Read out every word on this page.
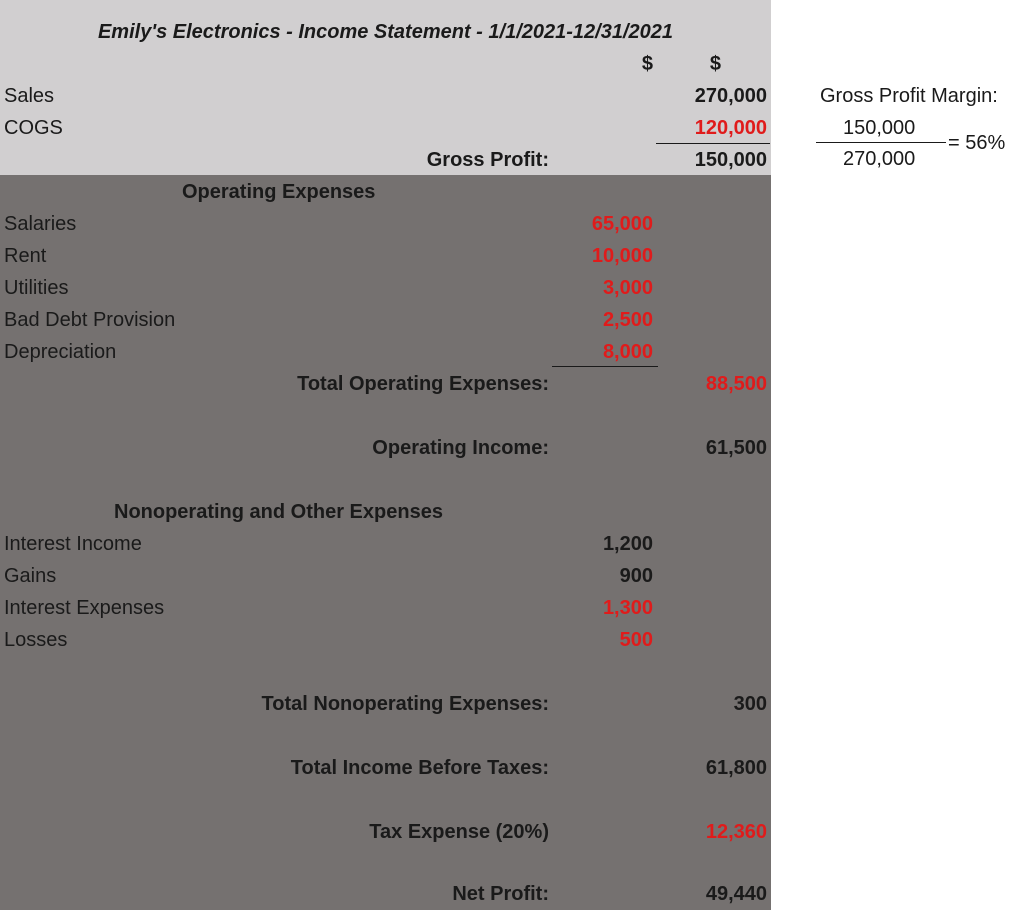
Emily's Electronics - Income Statement - 1/1/2021-12/31/2021
$	$
Sales	270,000
COGS	120,000
Gross Profit:	150,000
Operating Expenses
Salaries	65,000
Rent	10,000
Utilities	3,000
Bad Debt Provision	2,500
Depreciation	8,000
Total Operating Expenses:	88,500
Operating Income:	61,500
Nonoperating and Other Expenses
Interest Income	1,200
Gains	900
Interest Expenses	1,300
Losses	500
Total Nonoperating Expenses:	300
Total Income Before Taxes:	61,800
Tax Expense (20%)	12,360
Net Profit:	49,440
Gross Profit Margin:
150,000
270,000
= 56%
